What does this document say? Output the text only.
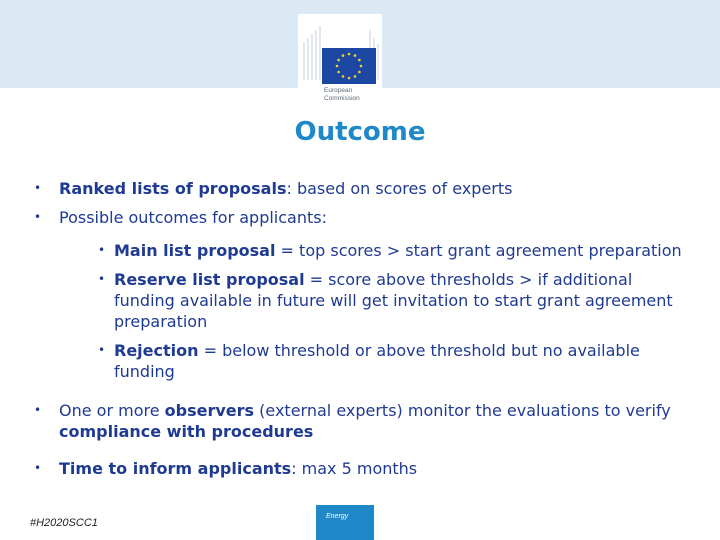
European
Commission
Outcome

• Ranked lists of proposals: based on scores of experts

• Possible outcomes for applicants:

• Main list proposal = top scores > start grant agreement preparation

• Reserve list proposal = score above thresholds > if additional funding available in future will get invitation to start grant agreement preparation

• Rejection = below threshold or above threshold but no available funding

• One or more observers (external experts) monitor the evaluations to verify compliance with procedures

• Time to inform applicants: max 5 months

#H2020SCC1
Energy
